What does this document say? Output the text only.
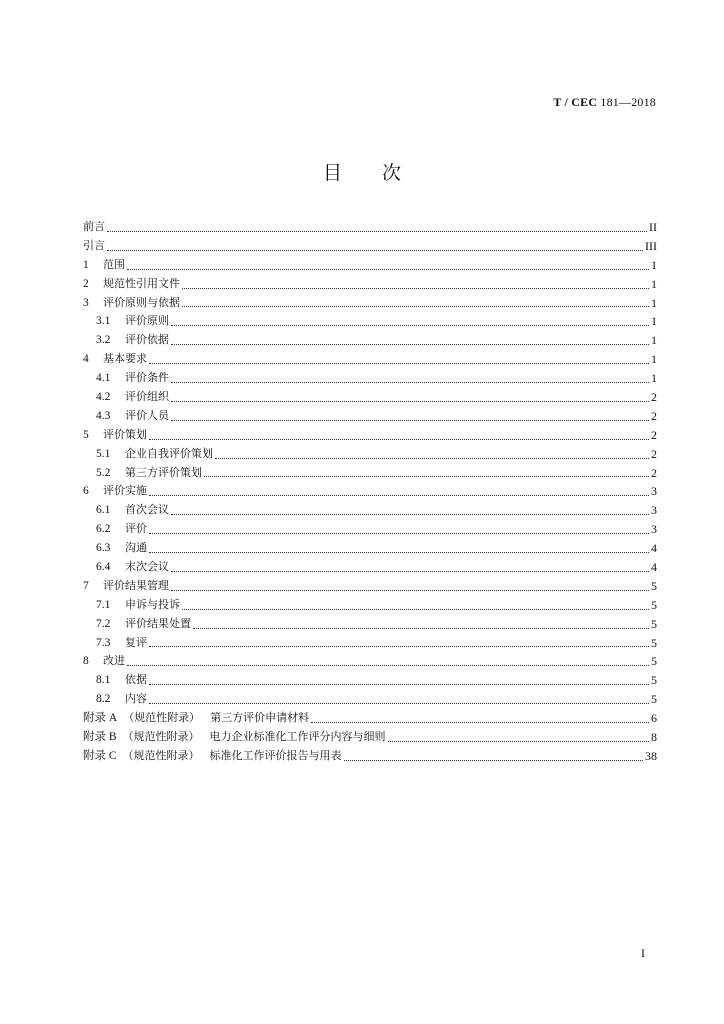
T / CEC 181—2018
目 次
前言	II
引言	III
1	范围	1
2	规范性引用文件	1
3	评价原则与依据	1
3.1	评价原则	1
3.2	评价依据	1
4	基本要求	1
4.1	评价条件	1
4.2	评价组织	2
4.3	评价人员	2
5	评价策划	2
5.1	企业自我评价策划	2
5.2	第三方评价策划	2
6	评价实施	3
6.1	首次会议	3
6.2	评价	3
6.3	沟通	4
6.4	末次会议	4
7	评价结果管理	5
7.1	申诉与投诉	5
7.2	评价结果处置	5
7.3	复评	5
8	改进	5
8.1	依据	5
8.2	内容	5
附录 A （规范性附录） 第三方评价申请材料	6
附录 B （规范性附录） 电力企业标准化工作评分内容与细则	8
附录 C （规范性附录） 标准化工作评价报告与用表	38
I
